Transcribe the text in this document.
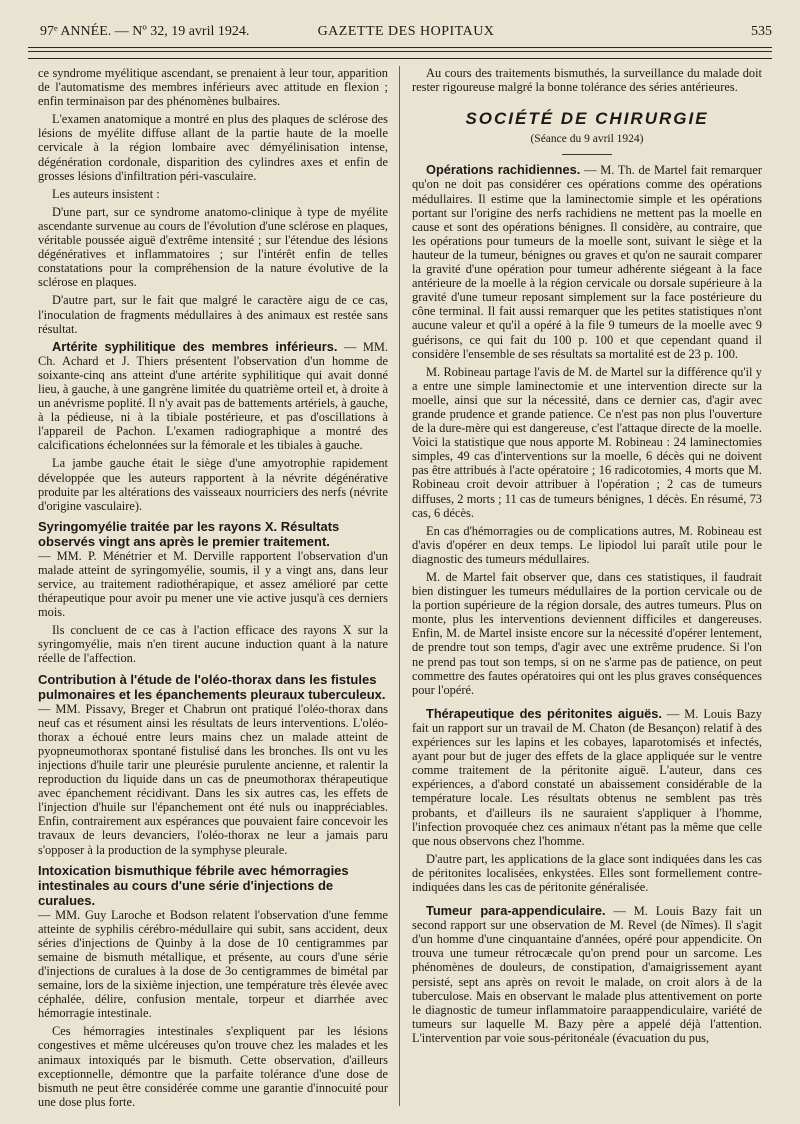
97ᵉ ANNÉE. — Nº 32, 19 avril 1924.	GAZETTE DES HOPITAUX	535

ce syndrome myélitique ascendant, se prenaient à leur tour, apparition de l'automatisme des membres inférieurs avec attitude en flexion ; enfin terminaison par des phénomènes bulbaires.

L'examen anatomique a montré en plus des plaques de sclérose des lésions de myélite diffuse allant de la partie haute de la moelle cervicale à la région lombaire avec démyélinisation intense, dégénération cordonale, disparition des cylindres axes et enfin de grosses lésions d'infiltration péri-vasculaire.

Les auteurs insistent :

D'une part, sur ce syndrome anatomo-clinique à type de myélite ascendante survenue au cours de l'évolution d'une sclérose en plaques, véritable poussée aiguë d'extrême intensité ; sur l'étendue des lésions dégénératives et inflammatoires ; sur l'intérêt enfin de telles constatations pour la compréhension de la nature évolutive de la sclérose en plaques.

D'autre part, sur le fait que malgré le caractère aigu de ce cas, l'inoculation de fragments médullaires à des animaux est restée sans résultat.

Artérite syphilitique des membres inférieurs. — MM. Ch. Achard et J. Thiers présentent l'observation d'un homme de soixante-cinq ans atteint d'une artérite syphilitique qui avait donné lieu, à gauche, à une gangrène limitée du quatrième orteil et, à droite à un anévrisme poplité. Il n'y avait pas de battements artériels, à gauche, à la pédieuse, ni à la tibiale postérieure, et pas d'oscillations à l'appareil de Pachon. L'examen radiographique a montré des calcifications échelonnées sur la fémorale et les tibiales à gauche.

La jambe gauche était le siège d'une amyotrophie rapidement développée que les auteurs rapportent à la névrite dégénérative produite par les altérations des vaisseaux nourriciers des nerfs (névrite d'origine vasculaire).

Syringomyélie traitée par les rayons X. Résultats observés vingt ans après le premier traitement.
— MM. P. Ménétrier et M. Derville rapportent l'observation d'un malade atteint de syringomyélie, soumis, il y a vingt ans, dans leur service, au traitement radiothérapique, et assez amélioré par cette thérapeutique pour avoir pu mener une vie active jusqu'à ces derniers mois.

Ils concluent de ce cas à l'action efficace des rayons X sur la syringomyélie, mais n'en tirent aucune induction quant à la nature réelle de l'affection.

Contribution à l'étude de l'oléo-thorax dans les fistules pulmonaires et les épanchements pleuraux tuberculeux.
— MM. Pissavy, Breger et Chabrun ont pratiqué l'oléo-thorax dans neuf cas et résument ainsi les résultats de leurs interventions. L'oléo-thorax a échoué entre leurs mains chez un malade atteint de pyopneumothorax spontané fistulisé dans les bronches. Ils ont vu les injections d'huile tarir une pleurésie purulente ancienne, et ralentir la reproduction du liquide dans un cas de pneumothorax thérapeutique avec épanchement récidivant. Dans les six autres cas, les effets de l'injection d'huile sur l'épanchement ont été nuls ou inappréciables. Enfin, contrairement aux espérances que pouvaient faire concevoir les travaux de leurs devanciers, l'oléo-thorax ne leur a jamais paru s'opposer à la production de la symphyse pleurale.

Intoxication bismuthique fébrile avec hémorragies intestinales au cours d'une série d'injections de curalues.
— MM. Guy Laroche et Bodson relatent l'observation d'une femme atteinte de syphilis cérébro-médullaire qui subit, sans accident, deux séries d'injections de Quinby à la dose de 10 centigrammes par semaine de bismuth métallique, et présente, au cours d'une série d'injections de curalues à la dose de 3o centigrammes de bimétal par semaine, lors de la sixième injection, une température très élevée avec céphalée, délire, confusion mentale, torpeur et diarrhée avec hémorragie intestinale.

Ces hémorragies intestinales s'expliquent par les lésions congestives et même ulcéreuses qu'on trouve chez les malades et les animaux intoxiqués par le bismuth. Cette observation, d'ailleurs exceptionnelle, démontre que la parfaite tolérance d'une dose de bismuth ne peut être considérée comme une garantie d'innocuité pour une dose plus forte.

Au cours des traitements bismuthés, la surveillance du malade doit rester rigoureuse malgré la bonne tolérance des séries antérieures.

SOCIÉTÉ DE CHIRURGIE
(Séance du 9 avril 1924)

Opérations rachidiennes. — M. Th. de Martel fait remarquer qu'on ne doit pas considérer ces opérations comme des opérations médullaires. Il estime que la laminectomie simple et les opérations portant sur l'origine des nerfs rachidiens ne mettent pas la moelle en cause et sont des opérations bénignes. Il considère, au contraire, que les opérations pour tumeurs de la moelle sont, suivant le siège et la hauteur de la tumeur, bénignes ou graves et qu'on ne saurait comparer la gravité d'une opération pour tumeur adhérente siégeant à la face antérieure de la moelle à la région cervicale ou dorsale supérieure à la gravité d'une tumeur reposant simplement sur la face postérieure du cône terminal. Il fait aussi remarquer que les petites statistiques n'ont aucune valeur et qu'il a opéré à la file 9 tumeurs de la moelle avec 9 guérisons, ce qui fait du 100 p. 100 et que cependant quand il considère l'ensemble de ses résultats sa mortalité est de 23 p. 100.

M. Robineau partage l'avis de M. de Martel sur la différence qu'il y a entre une simple laminectomie et une intervention directe sur la moelle, ainsi que sur la nécessité, dans ce dernier cas, d'agir avec grande prudence et grande patience. Ce n'est pas non plus l'ouverture de la dure-mère qui est dangereuse, c'est l'attaque directe de la moelle. Voici la statistique que nous apporte M. Robineau : 24 laminectomies simples, 49 cas d'interventions sur la moelle, 6 décès qui ne doivent pas être attribués à l'acte opératoire ; 16 radicotomies, 4 morts que M. Robineau croit devoir attribuer à l'opération ; 2 cas de tumeurs diffuses, 2 morts ; 11 cas de tumeurs bénignes, 1 décès. En résumé, 73 cas, 6 décès.

En cas d'hémorragies ou de complications autres, M. Robineau est d'avis d'opérer en deux temps. Le lipiodol lui paraît utile pour le diagnostic des tumeurs médullaires.

M. de Martel fait observer que, dans ces statistiques, il faudrait bien distinguer les tumeurs médullaires de la portion cervicale ou de la portion supérieure de la région dorsale, des autres tumeurs. Plus on monte, plus les interventions deviennent difficiles et dangereuses. Enfin, M. de Martel insiste encore sur la nécessité d'opérer lentement, de prendre tout son temps, d'agir avec une extrême prudence. Si l'on ne prend pas tout son temps, si on ne s'arme pas de patience, on peut commettre des fautes opératoires qui ont les plus graves conséquences pour l'opéré.

Thérapeutique des péritonites aiguës. — M. Louis Bazy fait un rapport sur un travail de M. Chaton (de Besançon) relatif à des expériences sur les lapins et les cobayes, laparotomisés et infectés, ayant pour but de juger des effets de la glace appliquée sur le ventre comme traitement de la péritonite aiguë. L'auteur, dans ces expériences, a d'abord constaté un abaissement considérable de la température locale. Les résultats obtenus ne semblent pas très probants, et d'ailleurs ils ne sauraient s'appliquer à l'homme, l'infection provoquée chez ces animaux n'étant pas la même que celle que nous observons chez l'homme.

D'autre part, les applications de la glace sont indiquées dans les cas de péritonites localisées, enkystées. Elles sont formellement contre-indiquées dans les cas de péritonite généralisée.

Tumeur para-appendiculaire. — M. Louis Bazy fait un second rapport sur une observation de M. Revel (de Nîmes). Il s'agit d'un homme d'une cinquantaine d'années, opéré pour appendicite. On trouva une tumeur rétrocæcale qu'on prend pour un sarcome. Les phénomènes de douleurs, de constipation, d'amaigrissement ayant persisté, sept ans après on revoit le malade, on croit alors à de la tuberculose. Mais en observant le malade plus attentivement on porte le diagnostic de tumeur inflammatoire paraappendiculaire, variété de tumeurs sur laquelle M. Bazy père a appelé déjà l'attention. L'intervention par voie sous-péritonéale (évacuation du pus,
